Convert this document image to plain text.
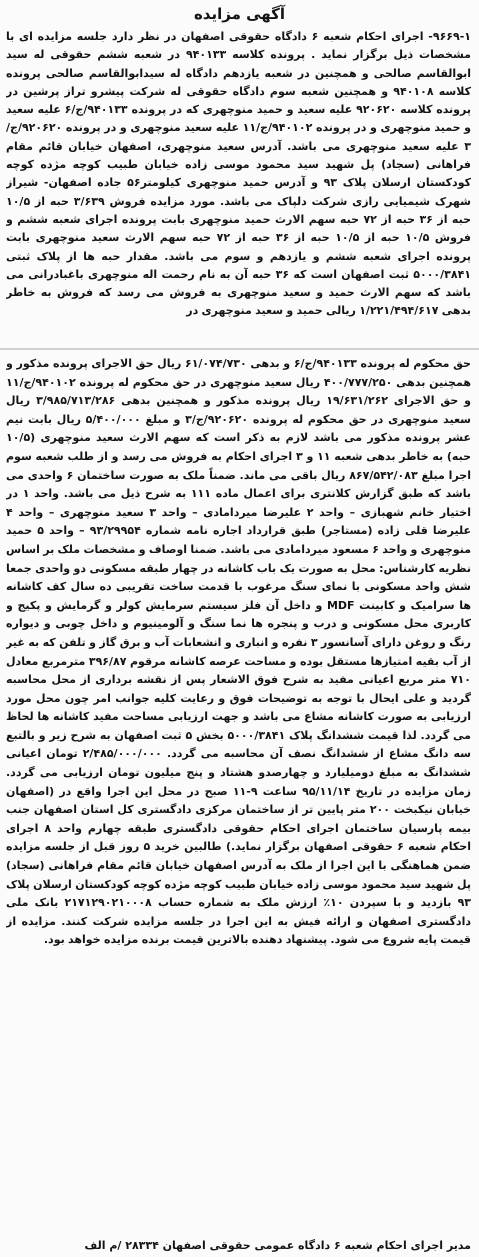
آگهی مزایده
۹۶۶۹-۱- اجرای احکام شعبه ۶ دادگاه حقوقی اصفهان در نظر دارد جلسه مزایده ای با مشخصات ذیل برگزار نماید . پرونده کلاسه ۹۴۰۱۳۳ در شعبه ششم حقوقی له سید ابوالقاسم صالحی و همچنین در شعبه یازدهم دادگاه له سیدابوالقاسم صالحی پرونده کلاسه ۹۴۰۱۰۸ و همچنین شعبه سوم دادگاه حقوقی له شرکت پیشرو تراز پرشین در پرونده کلاسه ۹۲۰۶۲۰ علیه سعید و حمید منوچهری که در پرونده ۹۴۰۱۳۳/ج/۶ علیه سعید و حمید منوچهری و در پرونده ۹۴۰۱۰۲/ج/۱۱ علیه سعید منوچهری و در پرونده ۹۲۰۶۲۰/ج/۳ علیه سعید منوچهری می باشد. آدرس سعید منوچهری، اصفهان خیابان قائم مقام فراهانی (سجاد) پل شهید سید محمود موسی زاده خیابان طبیب کوچه مژده کوچه کودکستان ارسلان پلاک ۹۳ و آدرس حمید منوچهری کیلومتر۵۶ جاده اصفهان- شیراز شهرک شیمیایی رازی شرکت دلپاک می باشد. مورد مزایده فروش ۳/۶۳۹ حبه از ۱۰/۵ حبه از ۳۶ حبه از ۷۲ حبه سهم الارث حمید منوچهری بابت پرونده اجرای شعبه ششم و فروش ۱۰/۵ حبه از ۱۰/۵ حبه از ۳۶ حبه از ۷۲ حبه سهم الارث سعید منوچهری بابت پرونده اجرای شعبه ششم و یازدهم و سوم می باشد. مقدار حبه ها از پلاک ثبتی ۵۰۰۰/۳۸۴۱ ثبت اصفهان است که ۳۶ حبه آن به نام رحمت اله منوچهری باغبادرانی می باشد که سهم الارث حمید و سعید منوچهری به فروش می رسد که فروش به خاطر بدهی ۱/۲۲۱/۴۹۴/۶۱۷ ریالی حمید و سعید منوچهری در
حق محکوم له پرونده ۹۴۰۱۳۳/ج/۶ و بدهی ۶۱/۰۷۴/۷۳۰ ریال حق الاجرای پرونده مذکور و همچنین بدهی ۴۰۰/۷۷۷/۲۵۰ ریال سعید منوچهری در حق محکوم له پرونده ۹۴۰۱۰۲/ج/۱۱ و حق الاجرای ۱۹/۶۳۱/۲۶۲ ریال پرونده مذکور و همچنین بدهی ۳/۹۸۵/۷۱۳/۲۸۶ ریال سعید منوچهری در حق محکوم له پرونده ۹۲۰۶۲۰/ج/۳ و مبلغ ۵/۴۰۰/۰۰۰ ریال بابت نیم عشر پرونده مذکور می باشد لازم به ذکر است که سهم الارث سعید منوچهری (۱۰/۵ حبه) به خاطر بدهی شعبه ۱۱ و ۳ اجرای احکام به فروش می رسد و از طلب شعبه سوم اجرا مبلغ ۸۶۷/۵۴۲/۰۸۳ ریال باقی می ماند. ضمناً ملک به صورت ساختمان ۶ واحدی می باشد که طبق گزارش کلانتری برای اعمال ماده ۱۱۱ به شرح ذیل می باشد. واحد ۱ در اختیار خانم شهبازی – واحد ۲ علیرضا میردامادی – واحد ۳ سعید منوچهری – واحد ۴ علیرضا قلی زاده (مستاجر) طبق قرارداد اجاره نامه شماره ۹۳/۲۹۹۵۴ – واحد ۵ حمید منوچهری و واحد ۶ مسعود میردامادی می باشد. ضمنا اوصاف و مشخصات ملک بر اساس نظریه کارشناس: محل به صورت یک باب کاشانه در چهار طبقه مسکونی دو واحدی جمعا شش واحد مسکونی با نمای سنگ مرغوب با قدمت ساخت تقریبی ده سال کف کاشانه ها سرامیک و کابینت MDF و داخل آن فلز سیستم سرمایش کولر و گرمایش و پکیج و کاربری محل مسکونی و درب و پنجره ها نما سنگ و آلومینیوم و داخل چوبی و دیواره رنگ و روغن دارای آسانسور ۳ نفره و انباری و انشعابات آب و برق گاز و تلفن که به غیر از آب بقیه امتیازها مستقل بوده و مساحت عرصه کاشانه مرقوم ۳۹۶/۸۷ مترمربع معادل ۷۱۰ متر مربع اعیانی مفید به شرح فوق الاشعار پس از نقشه برداری از محل محاسبه گردید و علی ایحال با توجه به توضیحات فوق و رعایت کلیه جوانب امر چون محل مورد ارزیابی به صورت کاشانه مشاع می باشد و جهت ارزیابی مساحت مفید کاشانه ها لحاظ می گردد. لذا قیمت ششدانگ پلاک ۵۰۰۰/۳۸۴۱ بخش ۵ ثبت اصفهان به شرح زیر و بالتبع سه دانگ مشاع از ششدانگ نصف آن محاسبه می گردد. ۲/۴۸۵/۰۰۰/۰۰۰ تومان اعیانی ششدانگ به مبلغ دومیلیارد و چهارصدو هشتاد و پنج میلیون تومان ارزیابی می گردد. زمان مزایده در تاریخ ۹۵/۱۱/۱۴ ساعت ۹-۱۱ صبح در محل این اجرا واقع در (اصفهان خیابان نیکبخت ۲۰۰ متر پایین تر از ساختمان مرکزی دادگستری کل استان اصفهان جنب بیمه پارسیان ساختمان اجرای احکام حقوقی دادگستری طبقه چهارم واحد ۸ اجرای احکام شعبه ۶ حقوقی اصفهان برگزار نماید.) طالبین خرید ۵ روز قبل از جلسه مزایده ضمن هماهنگی با این اجرا از ملک به آدرس اصفهان خیابان قائم مقام فراهانی (سجاد) پل شهید سید محمود موسی زاده خیابان طبیب کوچه مژده کوچه کودکستان ارسلان پلاک ۹۳ بازدید و با سپردن ۱۰٪ ارزش ملک به شماره حساب ۲۱۷۱۲۹۰۲۱۰۰۰۸ بانک ملی دادگستری اصفهان و ارائه فیش به این اجرا در جلسه مزایده شرکت کنند. مزایده از قیمت پایه شروع می شود. پیشنهاد دهنده بالاترین قیمت برنده مزایده خواهد بود.
مدیر اجرای احکام شعبه ۶ دادگاه عمومی حقوقی اصفهان ۲۸۳۳۴ /م الف
